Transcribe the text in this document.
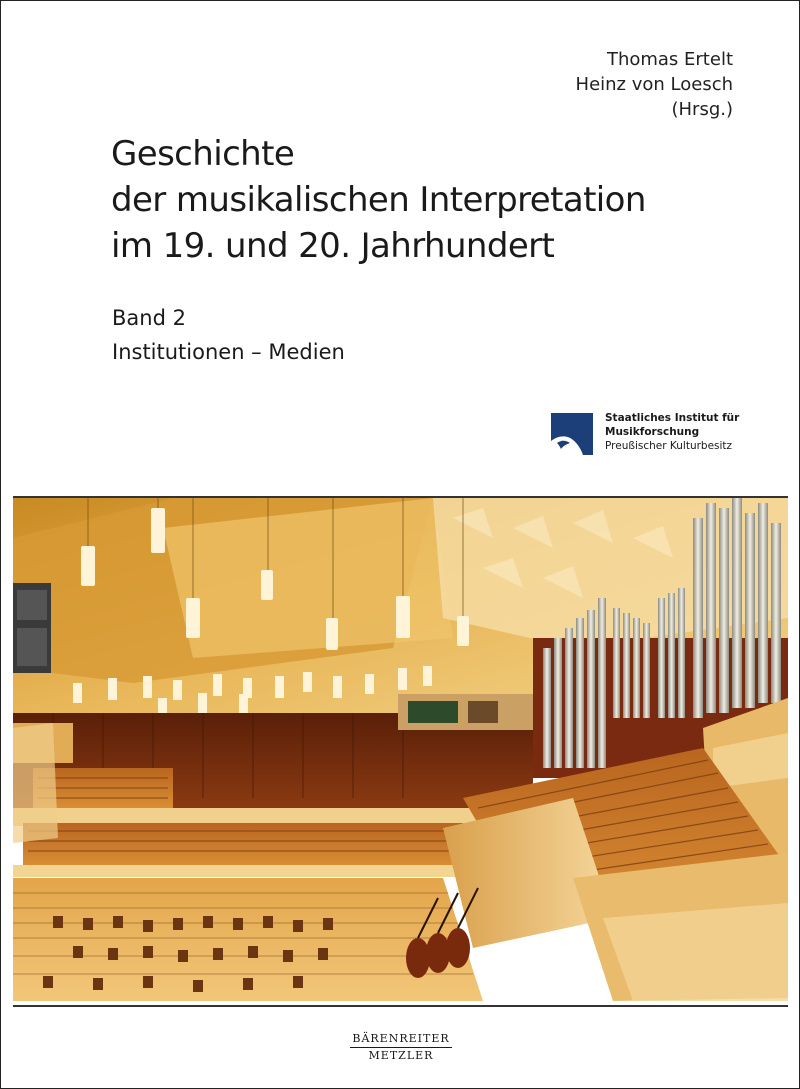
Thomas Ertelt
Heinz von Loesch
(Hrsg.)
Geschichte
der musikalischen Interpretation
im 19. und 20. Jahrhundert
Band 2
Institutionen – Medien
Staatliches Institut für
Musikforschung
Preußischer Kulturbesitz
BÄRENREITER
METZLER
